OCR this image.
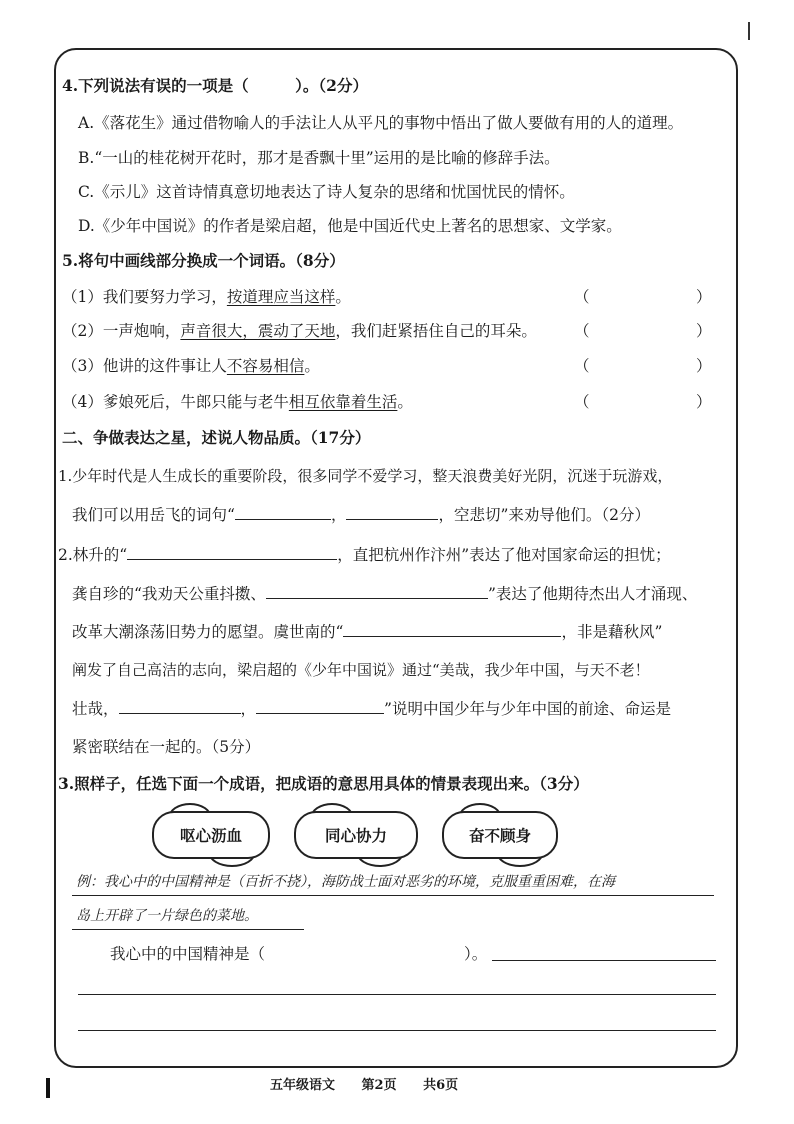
4.下列说法有误的一项是（　　　）。（2分）
A.《落花生》通过借物喻人的手法让人从平凡的事物中悟出了做人要做有用的人的道理。
B.“一山的桂花树开花时，那才是香飘十里”运用的是比喻的修辞手法。
C.《示儿》这首诗情真意切地表达了诗人复杂的思绪和忧国忧民的情怀。
D.《少年中国说》的作者是梁启超，他是中国近代史上著名的思想家、文学家。
5.将句中画线部分换成一个词语。（8分）
（1）我们要努力学习，按道理应当这样。	（	）
（2）一声炮响，声音很大，震动了天地，我们赶紧捂住自己的耳朵。 （	）
（3）他讲的这件事让人不容易相信。	（	）
（4）爹娘死后，牛郎只能与老牛相互依靠着生活。	（	）
二、争做表达之星，述说人物品质。（17分）
1.少年时代是人生成长的重要阶段，很多同学不爱学习，整天浪费美好光阴，沉迷于玩游戏，
我们可以用岳飞的词句“	，	，空悲切”来劝导他们。（2分）
2.林升的“	，直把杭州作汴州”表达了他对国家命运的担忧；
龚自珍的“我劝天公重抖擞、	”表达了他期待杰出人才涌现、
改革大潮涤荡旧势力的愿望。虞世南的“	，非是藉秋风”
阐发了自己高洁的志向，梁启超的《少年中国说》通过“美哉，我少年中国，与天不老！
壮哉，	，	”说明中国少年与少年中国的前途、命运是
紧密联结在一起的。（5分）
3.照样子，任选下面一个成语，把成语的意思用具体的情景表现出来。（3分）
呕心沥血	同心协力	奋不顾身
例：我心中的中国精神是（百折不挠），海防战士面对恶劣的环境，克服重重困难，在海
岛上开辟了一片绿色的菜地。
我心中的中国精神是（	）。
五年级语文 第2页 共6页
